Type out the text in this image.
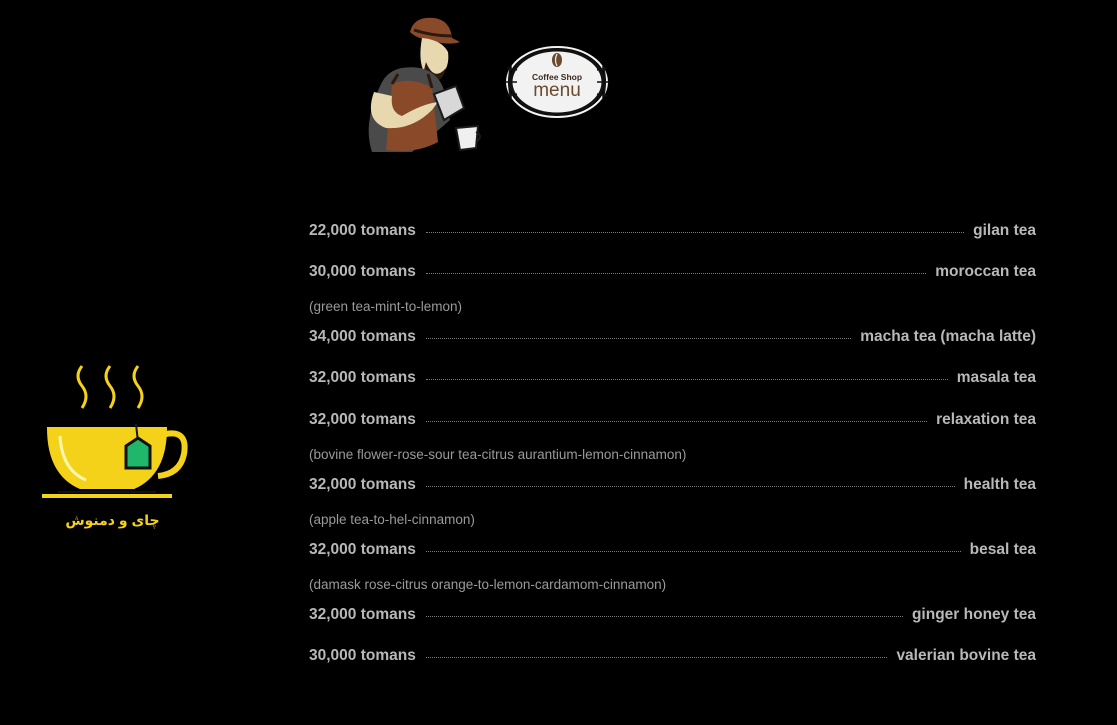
Coffee Shop
menu
چای و دمنوش
22,000 tomans	gilan tea
30,000 tomans	moroccan tea
(green tea-mint-to-lemon)
34,000 tomans	macha tea (macha latte)
32,000 tomans	masala tea
32,000 tomans	relaxation tea
(bovine flower-rose-sour tea-citrus aurantium-lemon-cinnamon)
32,000 tomans	health tea
(apple tea-to-hel-cinnamon)
32,000 tomans	besal tea
(damask rose-citrus orange-to-lemon-cardamom-cinnamon)
32,000 tomans	ginger honey tea
30,000 tomans	valerian bovine tea
